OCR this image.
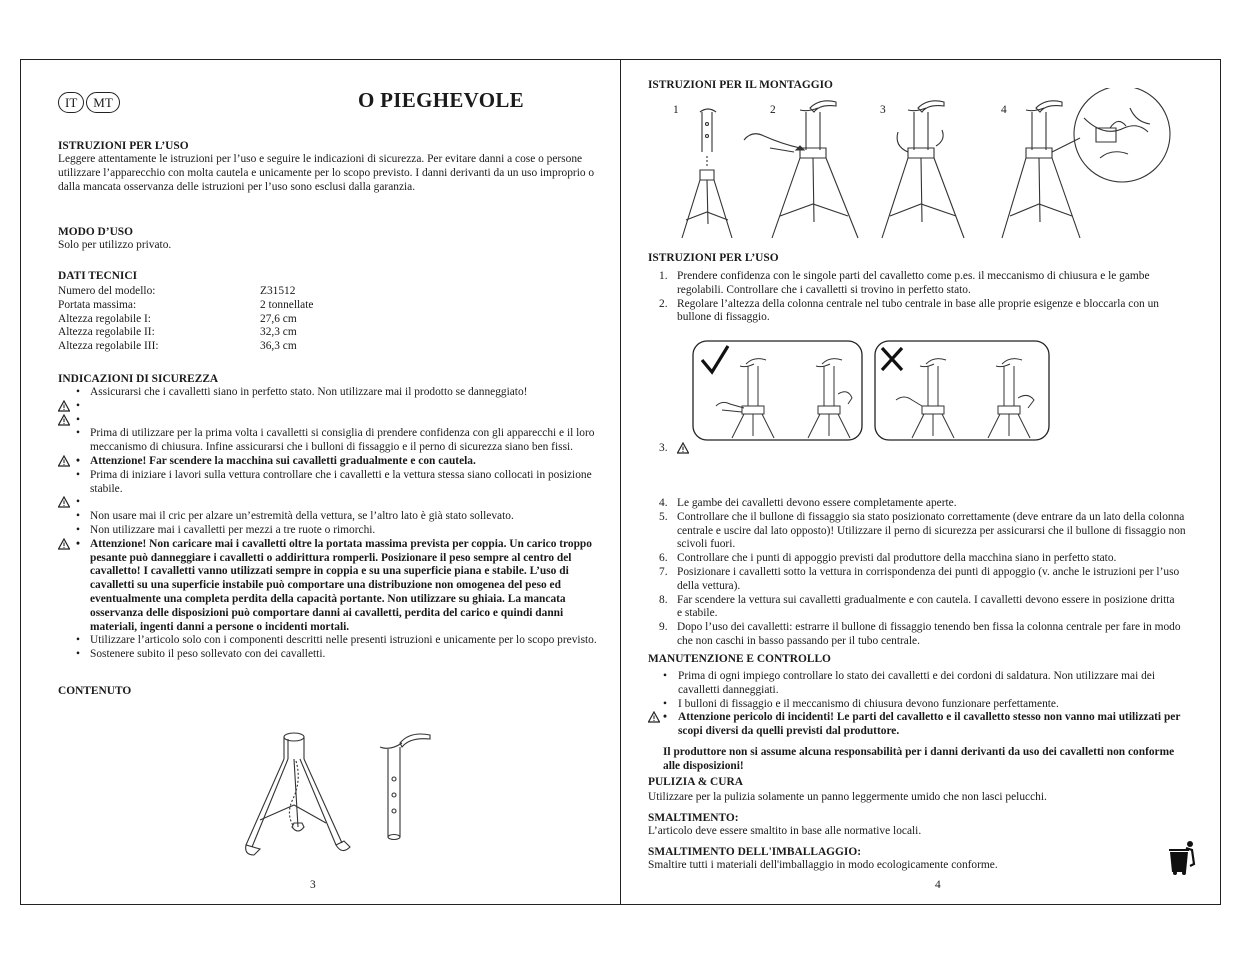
IT	MT	O PIEGHEVOLE
ISTRUZIONI PER L’USO
Leggere attentamente le istruzioni per l’uso e seguire le indicazioni di sicurezza. Per evitare danni a cose o persone
utilizzare l’apparecchio con molta cautela e unicamente per lo scopo previsto. I danni derivanti da un uso improprio o
dalla mancata osservanza delle istruzioni per l’uso sono esclusi dalla garanzia.
MODO D’USO
Solo per utilizzo privato.
DATI TECNICI
Numero del modello:	Z31512
Portata massima:	2 tonnellate
Altezza regolabile I:	27,6 cm
Altezza regolabile II:	32,3 cm
Altezza regolabile III:	36,3 cm
INDICAZIONI DI SICUREZZA
• Assicurarsi che i cavalletti siano in perfetto stato. Non utilizzare mai il prodotto se danneggiato!
•
•
• Prima di utilizzare per la prima volta i cavalletti si consiglia di prendere confidenza con gli apparecchi e il loro
meccanismo di chiusura. Infine assicurarsi che i bulloni di fissaggio e il perno di sicurezza siano ben fissi.
• Attenzione! Far scendere la macchina sui cavalletti gradualmente e con cautela.
• Prima di iniziare i lavori sulla vettura controllare che i cavalletti e la vettura stessa siano collocati in posizione
stabile.
•
• Non usare mai il cric per alzare un’estremità della vettura, se l’altro lato è già stato sollevato.
• Non utilizzare mai i cavalletti per mezzi a tre ruote o rimorchi.
• Attenzione! Non caricare mai i cavalletti oltre la portata massima prevista per coppia. Un carico troppo
pesante può danneggiare i cavalletti o addirittura romperli. Posizionare il peso sempre al centro del
cavalletto! I cavalletti vanno utilizzati sempre in coppia e su una superficie piana e stabile. L’uso di
cavalletti su una superficie instabile può comportare una distribuzione non omogenea del peso ed
eventualmente una completa perdita della capacità portante. Non utilizzare su ghiaia. La mancata
osservanza delle disposizioni può comportare danni ai cavalletti, perdita del carico e quindi danni
materiali, ingenti danni a persone o incidenti mortali.
• Utilizzare l’articolo solo con i componenti descritti nelle presenti istruzioni e unicamente per lo scopo previsto.
• Sostenere subito il peso sollevato con dei cavalletti.
CONTENUTO
3
ISTRUZIONI PER IL MONTAGGIO
1	2	3	4
ISTRUZIONI PER L’USO
1. Prendere confidenza con le singole parti del cavalletto come p.es. il meccanismo di chiusura e le gambe
regolabili. Controllare che i cavalletti si trovino in perfetto stato.
2. Regolare l’altezza della colonna centrale nel tubo centrale in base alle proprie esigenze e bloccarla con un
bullone di fissaggio.
3.
4. Le gambe dei cavalletti devono essere completamente aperte.
5. Controllare che il bullone di fissaggio sia stato posizionato correttamente (deve entrare da un lato della colonna
centrale e uscire dal lato opposto)! Utilizzare il perno di sicurezza per assicurarsi che il bullone di fissaggio non
scivoli fuori.
6. Controllare che i punti di appoggio previsti dal produttore della macchina siano in perfetto stato.
7. Posizionare i cavalletti sotto la vettura in corrispondenza dei punti di appoggio (v. anche le istruzioni per l’uso
della vettura).
8. Far scendere la vettura sui cavalletti gradualmente e con cautela. I cavalletti devono essere in posizione dritta
e stabile.
9. Dopo l’uso dei cavalletti: estrarre il bullone di fissaggio tenendo ben fissa la colonna centrale per fare in modo
che non caschi in basso passando per il tubo centrale.
MANUTENZIONE E CONTROLLO
• Prima di ogni impiego controllare lo stato dei cavalletti e dei cordoni di saldatura. Non utilizzare mai dei
cavalletti danneggiati.
• I bulloni di fissaggio e il meccanismo di chiusura devono funzionare perfettamente.
• Attenzione pericolo di incidenti! Le parti del cavalletto e il cavalletto stesso non vanno mai utilizzati per
scopi diversi da quelli previsti dal produttore.
Il produttore non si assume alcuna responsabilità per i danni derivanti da uso dei cavalletti non conforme
alle disposizioni!
PULIZIA & CURA
Utilizzare per la pulizia solamente un panno leggermente umido che non lasci pelucchi.
SMALTIMENTO:
L’articolo deve essere smaltito in base alle normative locali.
SMALTIMENTO DELL'IMBALLAGGIO:
Smaltire tutti i materiali dell'imballaggio in modo ecologicamente conforme.
4
